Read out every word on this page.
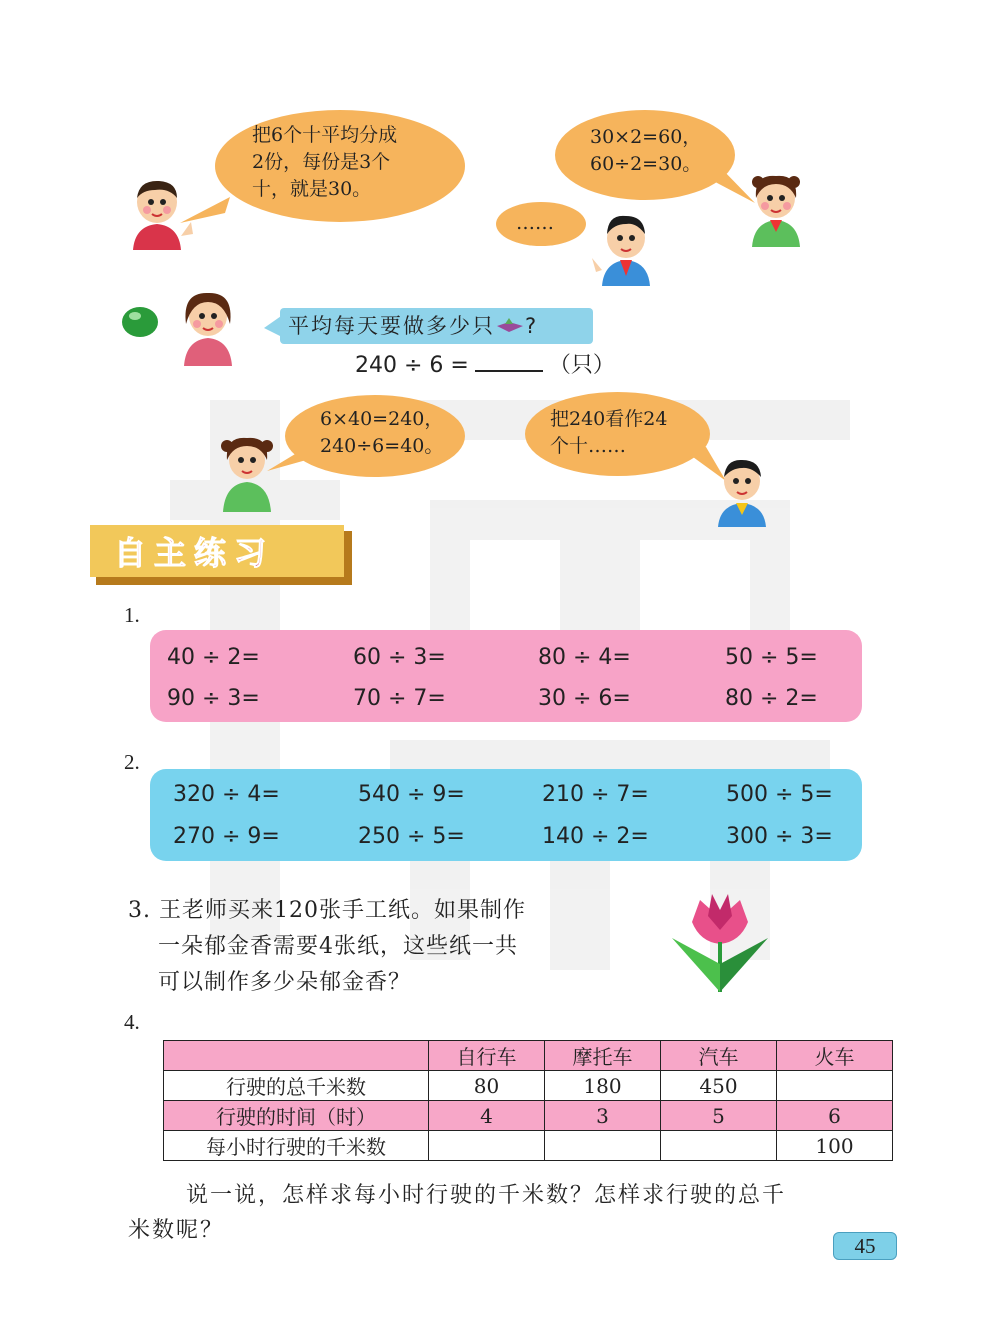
把6个十平均分成
2份，每份是3个
十，就是30。
30×2=60，
60÷2=30。
……
平均每天要做多少只 ?
240 ÷ 6 =	（只）
6×40=240，
240÷6=40。
把240看作24
个十……
自主练习
1.
40 ÷ 2=	60 ÷ 3=	80 ÷ 4=	50 ÷ 5=
90 ÷ 3=	70 ÷ 7=	30 ÷ 6=	80 ÷ 2=
2.
320 ÷ 4=	540 ÷ 9=	210 ÷ 7=	500 ÷ 5=
270 ÷ 9=	250 ÷ 5=	140 ÷ 2=	300 ÷ 3=
3. 王老师买来120张手工纸。如果制作
一朵郁金香需要4张纸，这些纸一共
可以制作多少朵郁金香？
4.
	自行车	摩托车	汽车	火车
行驶的总千米数	80	180	450	
行驶的时间（时）	4	3	5	6
每小时行驶的千米数				100
说一说，怎样求每小时行驶的千米数？怎样求行驶的总千
米数呢？
45
